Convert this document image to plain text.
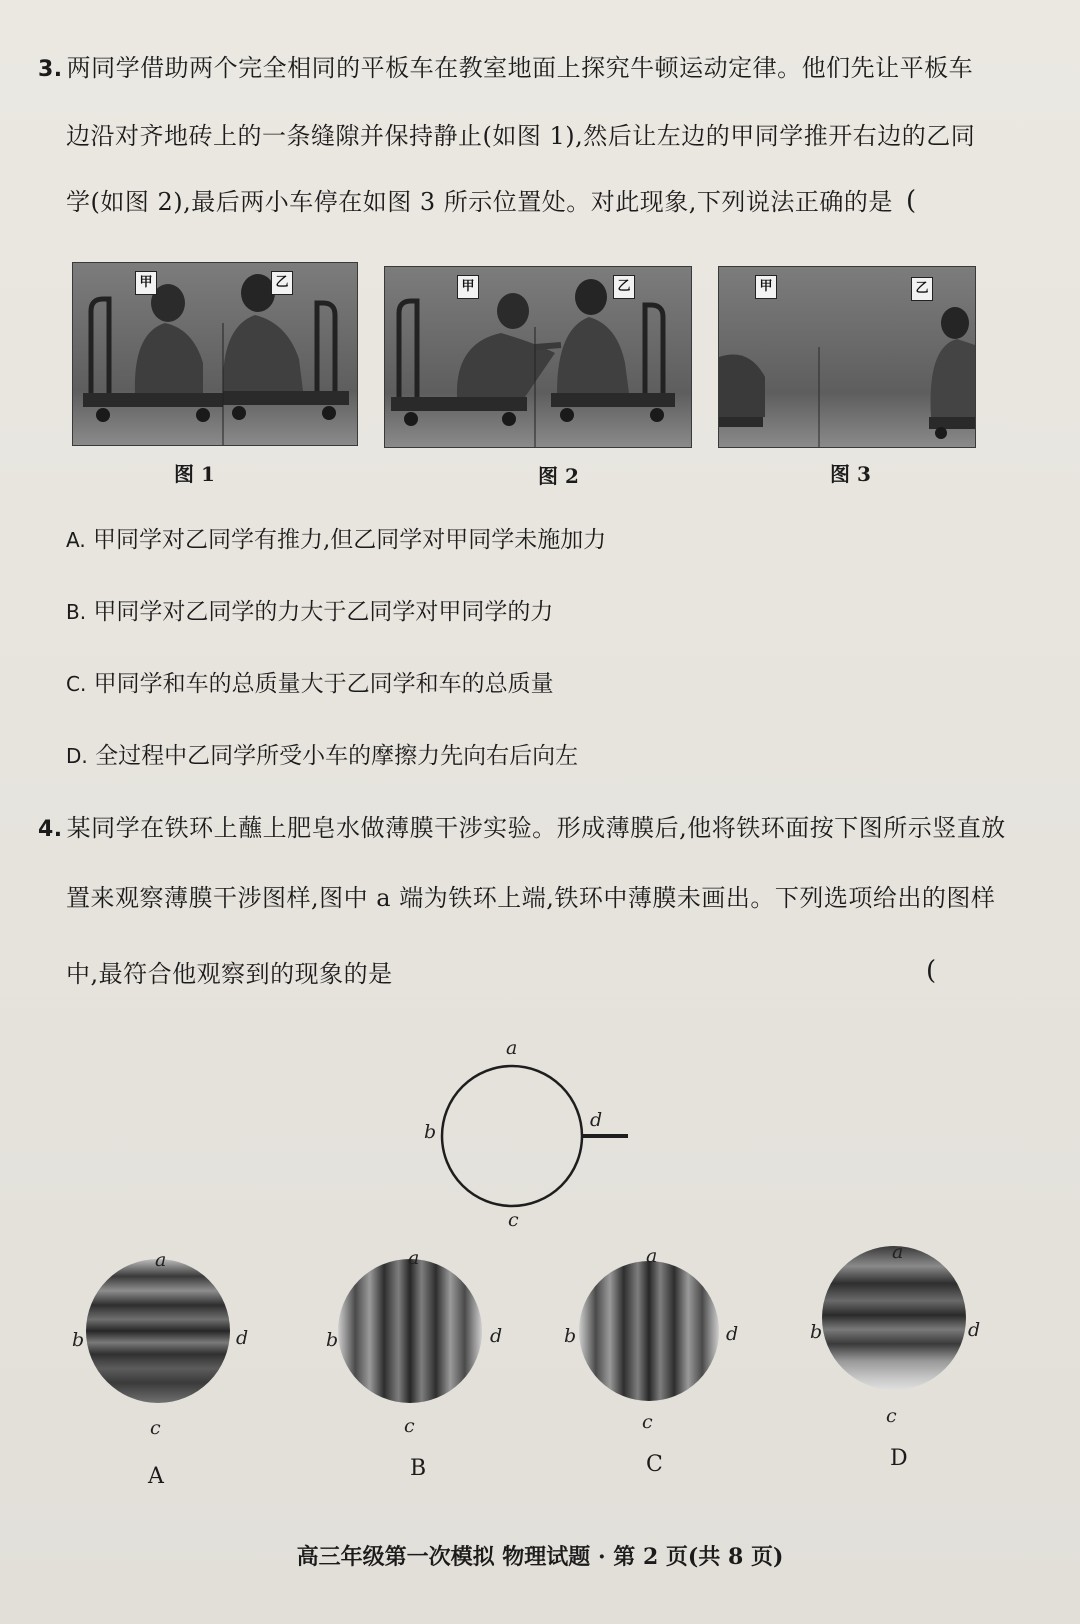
3. 两同学借助两个完全相同的平板车在教室地面上探究牛顿运动定律。他们先让平板车
边沿对齐地砖上的一条缝隙并保持静止(如图 1),然后让左边的甲同学推开右边的乙同
学(如图 2),最后两小车停在如图 3 所示位置处。对此现象,下列说法正确的是 (
甲	乙	甲	乙	甲	乙
图 1	图 2	图 3
A. 甲同学对乙同学有推力,但乙同学对甲同学未施加力
B. 甲同学对乙同学的力大于乙同学对甲同学的力
C. 甲同学和车的总质量大于乙同学和车的总质量
D. 全过程中乙同学所受小车的摩擦力先向右后向左
4. 某同学在铁环上蘸上肥皂水做薄膜干涉实验。形成薄膜后,他将铁环面按下图所示竖直放
置来观察薄膜干涉图样,图中 a 端为铁环上端,铁环中薄膜未画出。下列选项给出的图样
中,最符合他观察到的现象的是	(
a
b
c
d
a
b
c
d
a
b
c
d
a
b
c
d
a
b
c
d
A	B	C	D
高三年级第一次模拟 物理试题 · 第 2 页(共 8 页)
